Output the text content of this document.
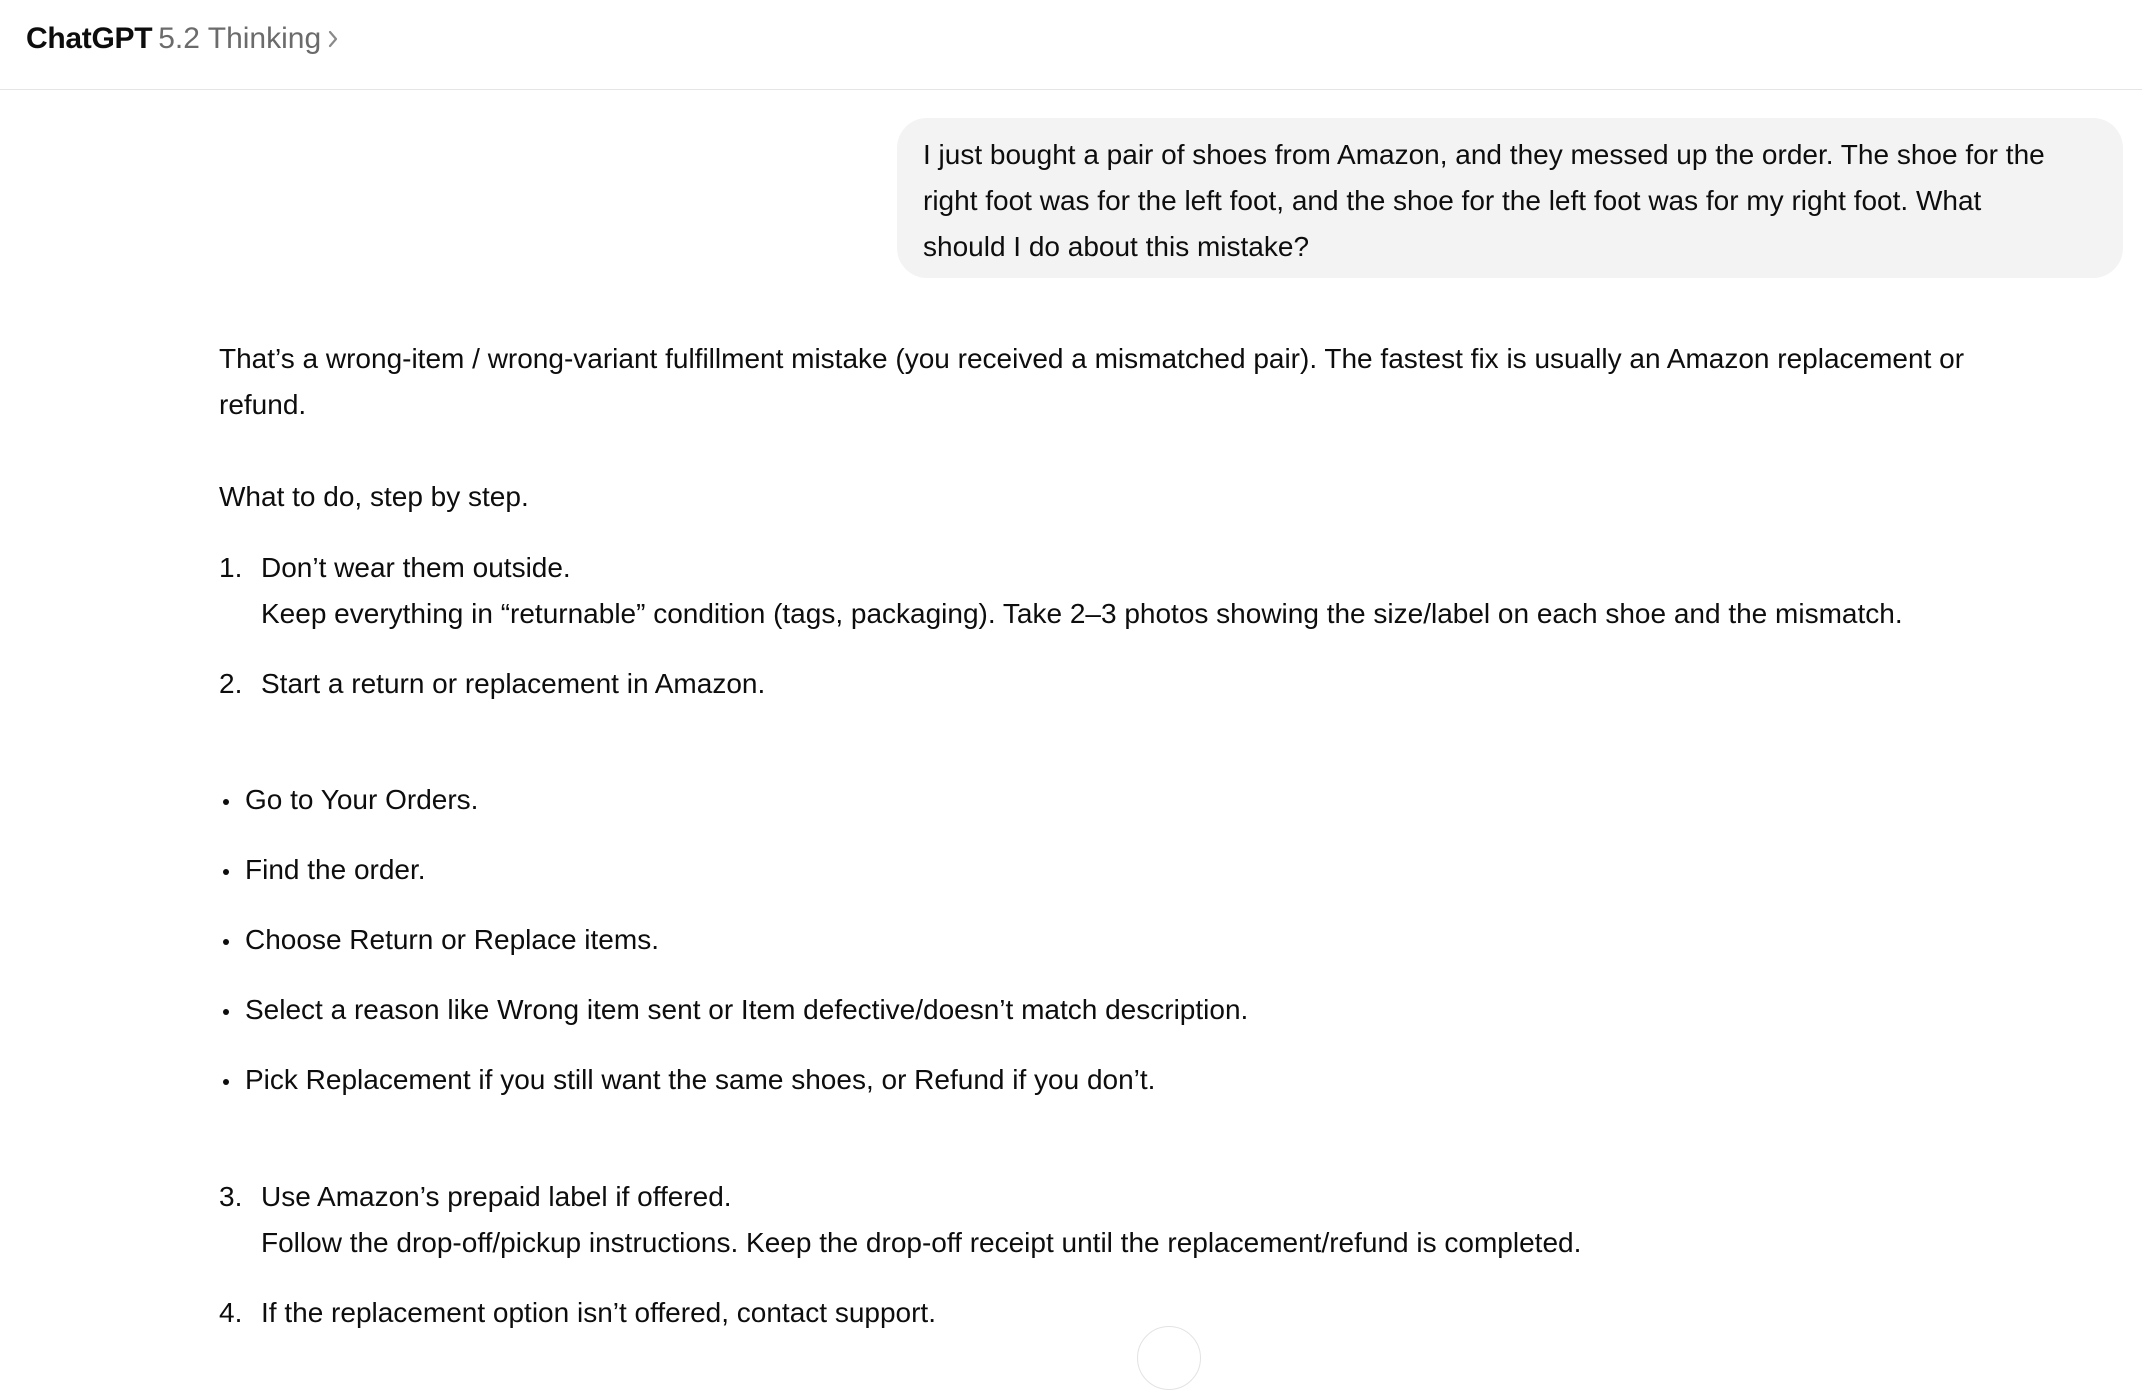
ChatGPT 5.2 Thinking
I just bought a pair of shoes from Amazon, and they messed up the order. The shoe for the
right foot was for the left foot, and the shoe for the left foot was for my right foot. What
should I do about this mistake?
That’s a wrong-item / wrong-variant fulfillment mistake (you received a mismatched pair). The fastest fix is usually an Amazon replacement or
refund.
What to do, step by step.
1. Don’t wear them outside.
Keep everything in “returnable” condition (tags, packaging). Take 2–3 photos showing the size/label on each shoe and the mismatch.
2. Start a return or replacement in Amazon.
Go to Your Orders.
Find the order.
Choose Return or Replace items.
Select a reason like Wrong item sent or Item defective/doesn’t match description.
Pick Replacement if you still want the same shoes, or Refund if you don’t.
3. Use Amazon’s prepaid label if offered.
Follow the drop-off/pickup instructions. Keep the drop-off receipt until the replacement/refund is completed.
4. If the replacement option isn’t offered, contact support.
